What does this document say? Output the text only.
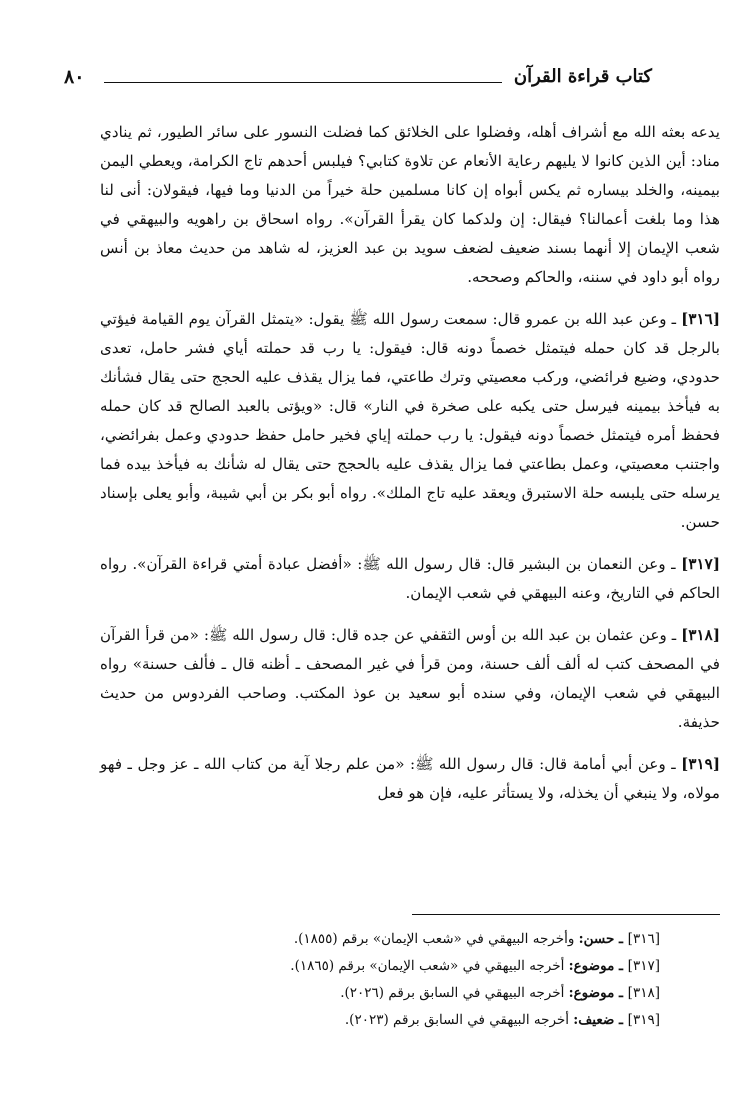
٨٠	كتاب قراءة القرآن

يدعه بعثه الله مع أشراف أهله، وفضلوا على الخلائق كما فضلت النسور على سائر الطيور، ثم ينادي مناد: أين الذين كانوا لا يليهم رعاية الأنعام عن تلاوة كتابي؟ فيلبس أحدهم تاج الكرامة، ويعطي اليمن بيمينه، والخلد بيساره ثم يكس أبواه إن كانا مسلمين حلة خيراً من الدنيا وما فيها، فيقولان: أنى لنا هذا وما بلغت أعمالنا؟ فيقال: إن ولدكما كان يقرأ القرآن». رواه اسحاق بن راهويه والبيهقي في شعب الإيمان إلا أنهما بسند ضعيف لضعف سويد بن عبد العزيز، له شاهد من حديث معاذ بن أنس رواه أبو داود في سننه، والحاكم وصححه.

[٣١٦] ـ وعن عبد الله بن عمرو قال: سمعت رسول الله ﷺ يقول: «يتمثل القرآن يوم القيامة فيؤتي بالرجل قد كان حمله فيتمثل خصماً دونه قال: فيقول: يا رب قد حملته أياي فشر حامل، تعدى حدودي، وضيع فرائضي، وركب معصيتي وترك طاعتي، فما يزال يقذف عليه الحجج حتى يقال فشأنك به فيأخذ بيمينه فيرسل حتى يكبه على صخرة في النار» قال: «ويؤتى بالعبد الصالح قد كان حمله فحفظ أمره فيتمثل خصماً دونه فيقول: يا رب حملته إياي فخير حامل حفظ حدودي وعمل بفرائضي، واجتنب معصيتي، وعمل بطاعتي فما يزال يقذف عليه بالحجج حتى يقال له شأنك به فيأخذ بيده فما يرسله حتى يلبسه حلة الاستبرق ويعقد عليه تاج الملك». رواه أبو بكر بن أبي شيبة، وأبو يعلى بإسناد حسن.

[٣١٧] ـ وعن النعمان بن البشير قال: قال رسول الله ﷺ: «أفضل عبادة أمتي قراءة القرآن». رواه الحاكم في التاريخ، وعنه البيهقي في شعب الإيمان.

[٣١٨] ـ وعن عثمان بن عبد الله بن أوس الثقفي عن جده قال: قال رسول الله ﷺ: «من قرأ القرآن في المصحف كتب له ألف ألف حسنة، ومن قرأ في غير المصحف ـ أظنه قال ـ فألف حسنة» رواه البيهقي في شعب الإيمان، وفي سنده أبو سعيد بن عوذ المكتب. وصاحب الفردوس من حديث حذيفة.

[٣١٩] ـ وعن أبي أمامة قال: قال رسول الله ﷺ: «من علم رجلا آية من كتاب الله ـ عز وجل ـ فهو مولاه، ولا ينبغي أن يخذله، ولا يستأثر عليه، فإن هو فعل

[٣١٦] ـ حسن: وأخرجه البيهقي في «شعب الإيمان» برقم (١٨٥٥).
[٣١٧] ـ موضوع: أخرجه البيهقي في «شعب الإيمان» برقم (١٨٦٥).
[٣١٨] ـ موضوع: أخرجه البيهقي في السابق برقم (٢٠٢٦).
[٣١٩] ـ ضعيف: أخرجه البيهقي في السابق برقم (٢٠٢٣).
